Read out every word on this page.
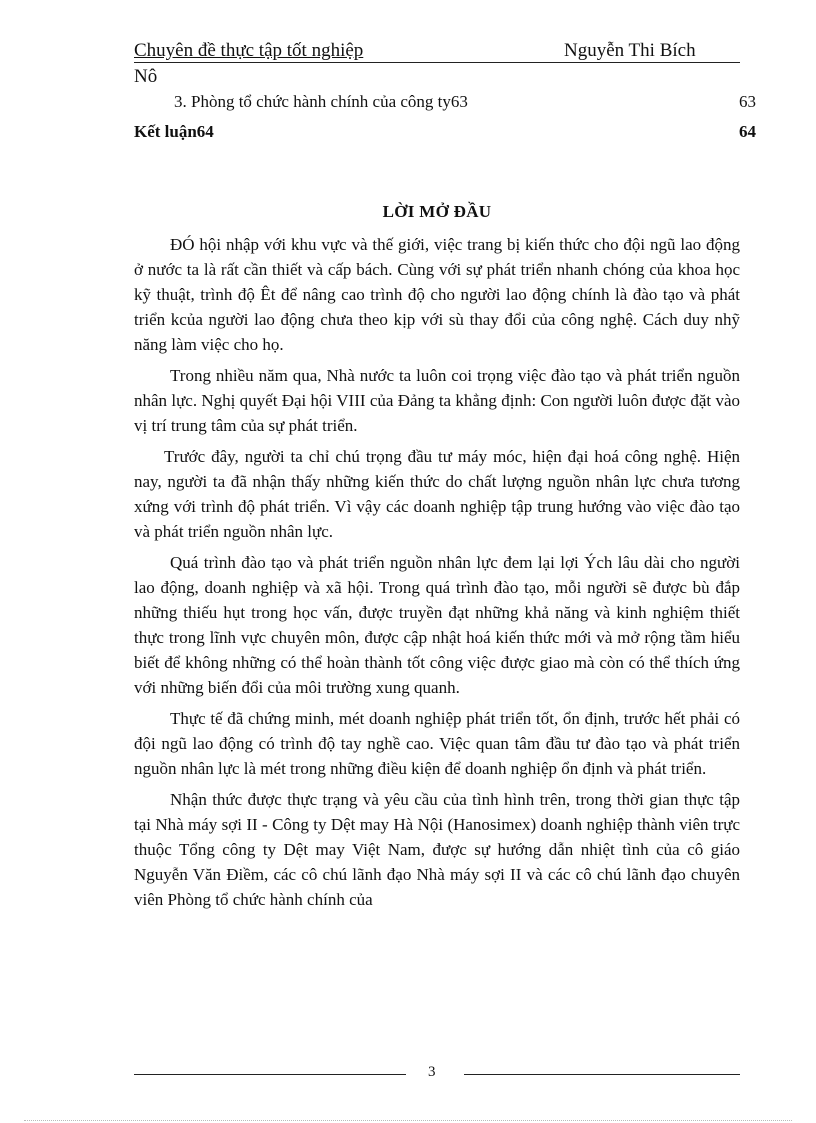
Chuyên đề thực tập tốt nghiệp	Nguyễn Thi Bích
Nô
3. Phòng tổ chức hành chính của công ty63	63
Kết luận64	64
LỜI MỞ ĐẦU

ĐÓ hội nhập với khu vực và thế giới, việc trang bị kiến thức cho đội ngũ lao động ở nước ta là rất cần thiết và cấp bách. Cùng với sự phát triển nhanh chóng của khoa học kỹ thuật, trình độ Êt để nâng cao trình độ cho người lao động chính là đào tạo và phát triển kcủa người lao động chưa theo kịp với sù thay đổi của công nghệ. Cách duy nhỹ năng làm việc cho họ.

Trong nhiều năm qua, Nhà nước ta luôn coi trọng việc đào tạo và phát triển nguồn nhân lực. Nghị quyết Đại hội VIII của Đảng ta khẳng định: Con người luôn được đặt vào vị trí trung tâm của sự phát triển.

Trước đây, người ta chỉ chú trọng đầu tư máy móc, hiện đại hoá công nghệ. Hiện nay, người ta đã nhận thấy những kiến thức do chất lượng nguồn nhân lực chưa tương xứng với trình độ phát triển. Vì vậy các doanh nghiệp tập trung hướng vào việc đào tạo và phát triển nguồn nhân lực.

Quá trình đào tạo và phát triển nguồn nhân lực đem lại lợi Ých lâu dài cho người lao động, doanh nghiệp và xã hội. Trong quá trình đào tạo, mỗi người sẽ được bù đắp những thiếu hụt trong học vấn, được truyền đạt những khả năng và kinh nghiệm thiết thực trong lĩnh vực chuyên môn, được cập nhật hoá kiến thức mới và mở rộng tầm hiểu biết để không những có thể hoàn thành tốt công việc được giao mà còn có thể thích ứng với những biến đổi của môi trường xung quanh.

Thực tế đã chứng minh, mét doanh nghiệp phát triển tốt, ổn định, trước hết phải có đội ngũ lao động có trình độ tay nghề cao. Việc quan tâm đầu tư đào tạo và phát triển nguồn nhân lực là mét trong những điều kiện để doanh nghiệp ổn định và phát triển.

Nhận thức được thực trạng và yêu cầu của tình hình trên, trong thời gian thực tập tại Nhà máy sợi II - Công ty Dệt may Hà Nội (Hanosimex) doanh nghiệp thành viên trực thuộc Tổng công ty Dệt may Việt Nam, được sự hướng dẫn nhiệt tình của cô giáo Nguyễn Văn Điềm, các cô chú lãnh đạo Nhà máy sợi II và các cô chú lãnh đạo chuyên viên Phòng tổ chức hành chính của

3
